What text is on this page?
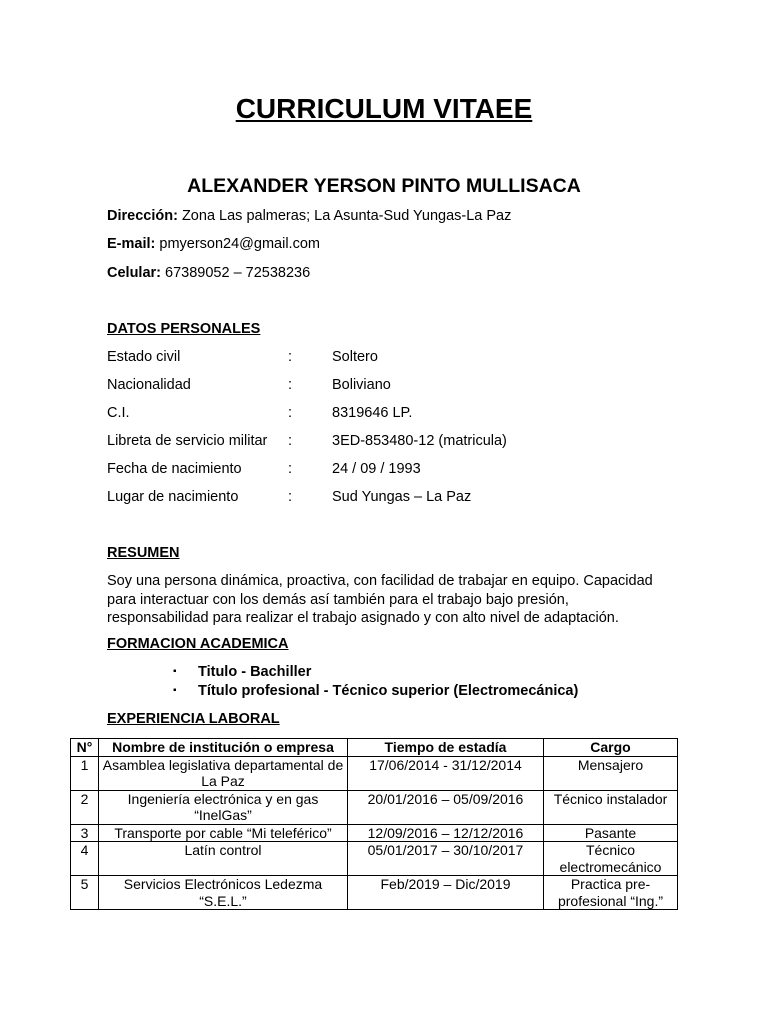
CURRICULUM VITAEE
ALEXANDER YERSON PINTO MULLISACA
Dirección: Zona Las palmeras; La Asunta-Sud Yungas-La Paz
E-mail: pmyerson24@gmail.com
Celular: 67389052 – 72538236
DATOS PERSONALES
Estado civil	:	Soltero
Nacionalidad	:	Boliviano
C.I.	:	8319646 LP.
Libreta de servicio militar :	3ED-853480-12 (matricula)
Fecha de nacimiento	:	24 / 09 / 1993
Lugar de nacimiento	:	Sud Yungas – La Paz
RESUMEN
Soy una persona dinámica, proactiva, con facilidad de trabajar en equipo. Capacidad para interactuar con los demás así también para el trabajo bajo presión, responsabilidad para realizar el trabajo asignado y con alto nivel de adaptación.
FORMACION ACADEMICA
▪ Titulo - Bachiller
▪ Título profesional - Técnico superior (Electromecánica)
EXPERIENCIA LABORAL
N°	Nombre de institución o empresa	Tiempo de estadía	Cargo
1	Asamblea legislativa departamental de La Paz	17/06/2014 - 31/12/2014	Mensajero
2	Ingeniería electrónica y en gas “InelGas”	20/01/2016 – 05/09/2016	Técnico instalador
3	Transporte por cable “Mi teleférico”	12/09/2016 – 12/12/2016	Pasante
4	Latín control	05/01/2017 – 30/10/2017	Técnico electromecánico
5	Servicios Electrónicos Ledezma “S.E.L.”	Feb/2019 – Dic/2019	Practica pre-profesional “Ing.”
